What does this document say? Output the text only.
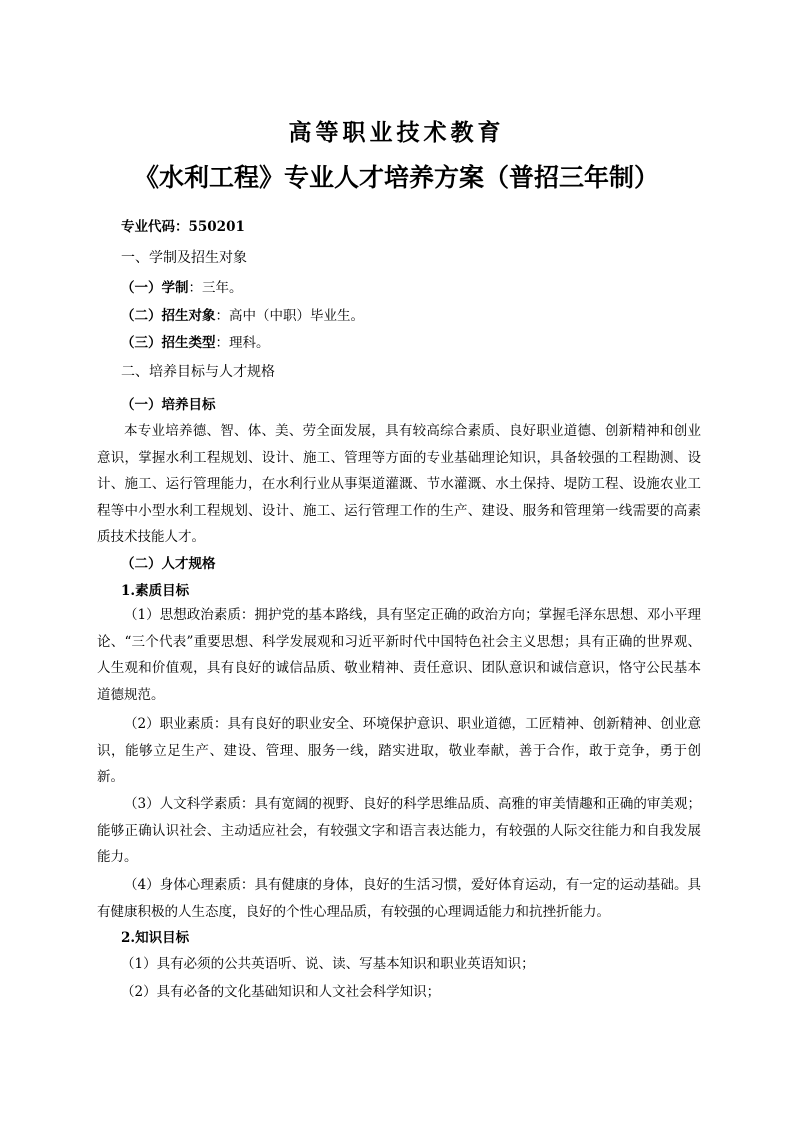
高等职业技术教育
《水利工程》专业人才培养方案（普招三年制）
专业代码：550201
一、学制及招生对象
（一）学制：三年。
（二）招生对象：高中（中职）毕业生。
（三）招生类型：理科。
二、培养目标与人才规格
（一）培养目标
本专业培养德、智、体、美、劳全面发展，具有较高综合素质、良好职业道德、创新精神和创业意识，掌握水利工程规划、设计、施工、管理等方面的专业基础理论知识，具备较强的工程勘测、设计、施工、运行管理能力，在水利行业从事渠道灌溉、节水灌溉、水土保持、堤防工程、设施农业工程等中小型水利工程规划、设计、施工、运行管理工作的生产、建设、服务和管理第一线需要的高素质技术技能人才。
（二）人才规格
1.素质目标
（1）思想政治素质：拥护党的基本路线，具有坚定正确的政治方向；掌握毛泽东思想、邓小平理论、“三个代表”重要思想、科学发展观和习近平新时代中国特色社会主义思想；具有正确的世界观、人生观和价值观，具有良好的诚信品质、敬业精神、责任意识、团队意识和诚信意识，恪守公民基本道德规范。
（2）职业素质：具有良好的职业安全、环境保护意识、职业道德，工匠精神、创新精神、创业意识，能够立足生产、建设、管理、服务一线，踏实进取，敬业奉献，善于合作，敢于竞争，勇于创新。
（3）人文科学素质：具有宽阔的视野、良好的科学思维品质、高雅的审美情趣和正确的审美观；能够正确认识社会、主动适应社会，有较强文字和语言表达能力，有较强的人际交往能力和自我发展能力。
（4）身体心理素质：具有健康的身体，良好的生活习惯，爱好体育运动，有一定的运动基础。具有健康积极的人生态度，良好的个性心理品质，有较强的心理调适能力和抗挫折能力。
2.知识目标
（1）具有必须的公共英语听、说、读、写基本知识和职业英语知识；
（2）具有必备的文化基础知识和人文社会科学知识；
